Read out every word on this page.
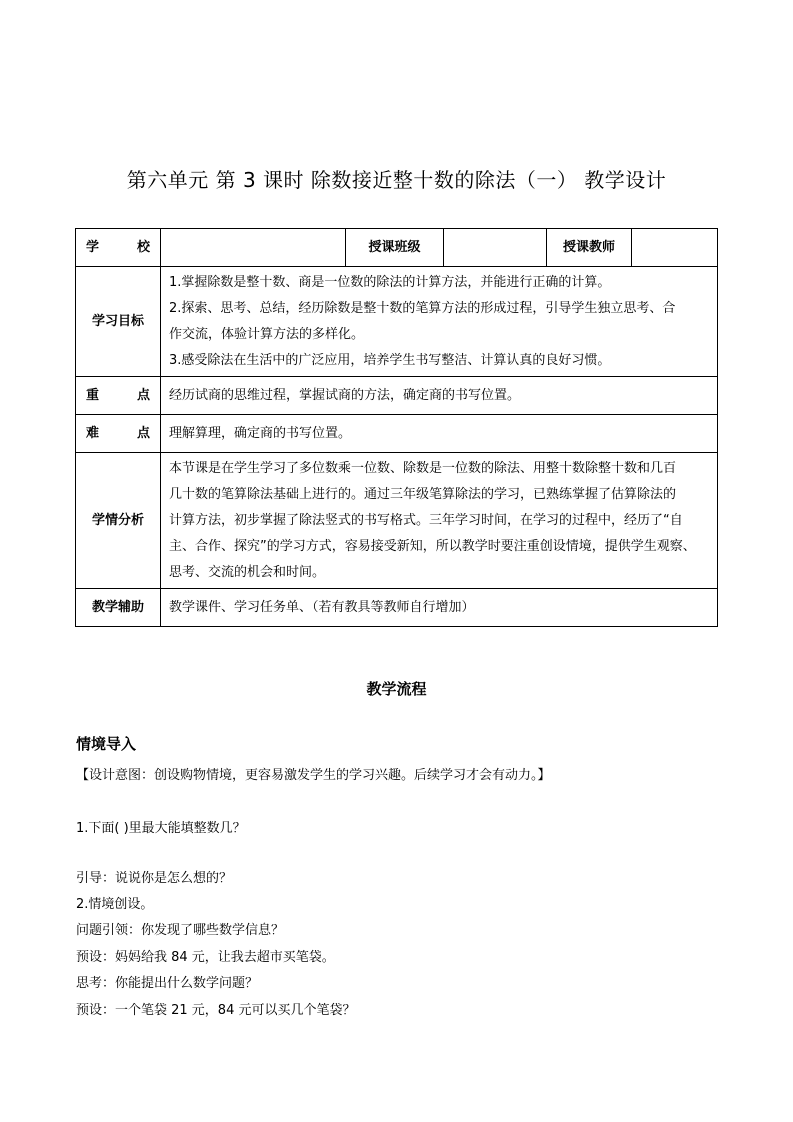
第六单元 第 3 课时 除数接近整十数的除法（一） 教学设计
学 校		授课班级		授课教师	
学习目标	1.掌握除数是整十数、商是一位数的除法的计算方法，并能进行正确的计算。
2.探索、思考、总结，经历除数是整十数的笔算方法的形成过程，引导学生独立思考、合
作交流，体验计算方法的多样化。
3.感受除法在生活中的广泛应用，培养学生书写整洁、计算认真的良好习惯。				

重 点	经历试商的思维过程，掌握试商的方法，确定商的书写位置。				

难 点	理解算理，确定商的书写位置。				

学情分析	本节课是在学生学习了多位数乘一位数、除数是一位数的除法、用整十数除整十数和几百
几十数的笔算除法基础上进行的。通过三年级笔算除法的学习，已熟练掌握了估算除法的
计算方法，初步掌握了除法竖式的书写格式。三年学习时间，在学习的过程中，经历了“自
主、合作、探究”的学习方式，容易接受新知，所以教学时要注重创设情境，提供学生观察、
思考、交流的机会和时间。				

教学辅助	教学课件、学习任务单、（若有教具等教师自行增加）				
教学流程
情境导入
【设计意图：创设购物情境，更容易激发学生的学习兴趣。后续学习才会有动力。】
1.下面( )里最大能填整数几？
引导：说说你是怎么想的？
2.情境创设。
问题引领：你发现了哪些数学信息？
预设：妈妈给我 84 元，让我去超市买笔袋。
思考：你能提出什么数学问题？
预设：一个笔袋 21 元，84 元可以买几个笔袋？
